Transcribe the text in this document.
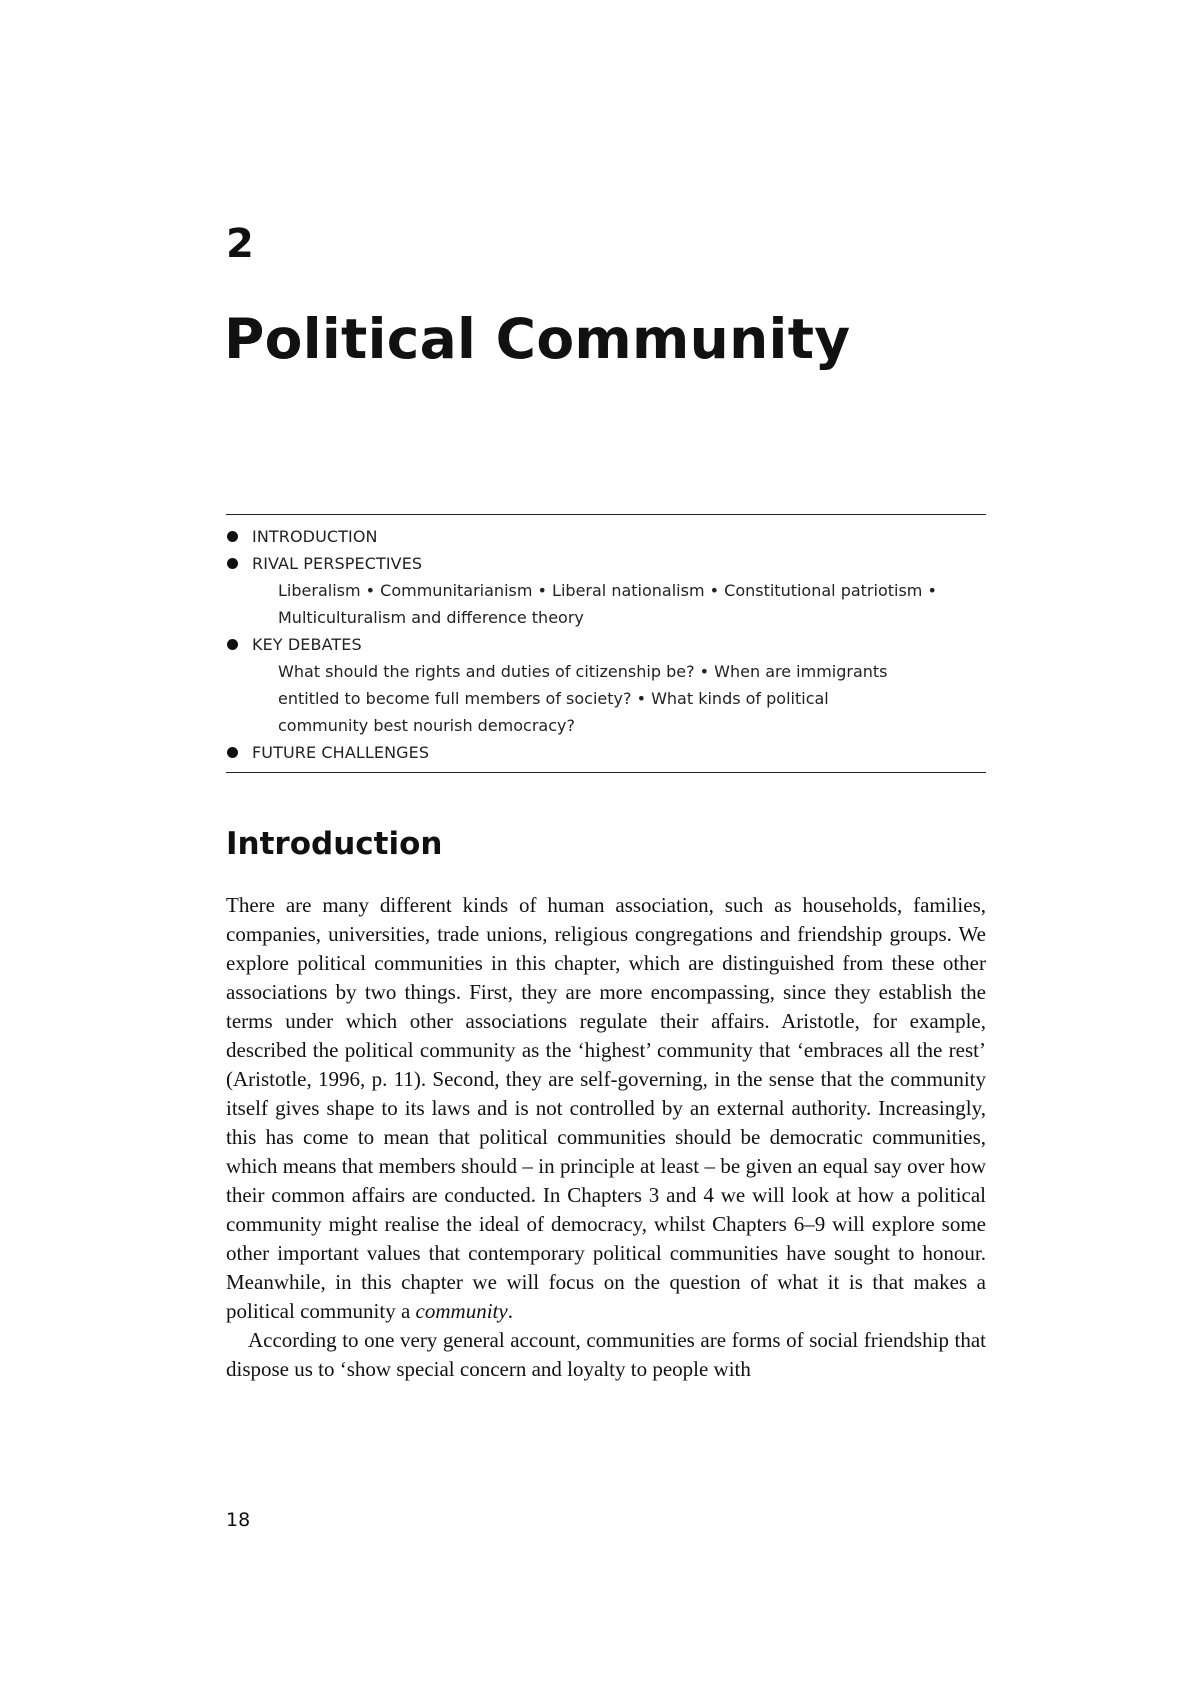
2
Political Community
INTRODUCTION
RIVAL PERSPECTIVES
Liberalism • Communitarianism • Liberal nationalism • Constitutional patriotism • Multiculturalism and difference theory
KEY DEBATES
What should the rights and duties of citizenship be? • When are immigrants entitled to become full members of society? • What kinds of political community best nourish democracy?
FUTURE CHALLENGES
Introduction

There are many different kinds of human association, such as households, families, companies, universities, trade unions, religious congregations and friendship groups. We explore political communities in this chapter, which are distinguished from these other associations by two things. First, they are more encompassing, since they establish the terms under which other associations regulate their affairs. Aristotle, for example, described the political community as the ‘highest’ community that ‘embraces all the rest’ (Aristotle, 1996, p. 11). Second, they are self-governing, in the sense that the community itself gives shape to its laws and is not controlled by an external authority. Increasingly, this has come to mean that political communities should be democratic communities, which means that members should – in principle at least – be given an equal say over how their common affairs are conducted. In Chapters 3 and 4 we will look at how a political community might realise the ideal of democracy, whilst Chapters 6–9 will explore some other important values that contemporary political communities have sought to honour. Meanwhile, in this chapter we will focus on the question of what it is that makes a political community a community.

According to one very general account, communities are forms of social friendship that dispose us to ‘show special concern and loyalty to people with

18
